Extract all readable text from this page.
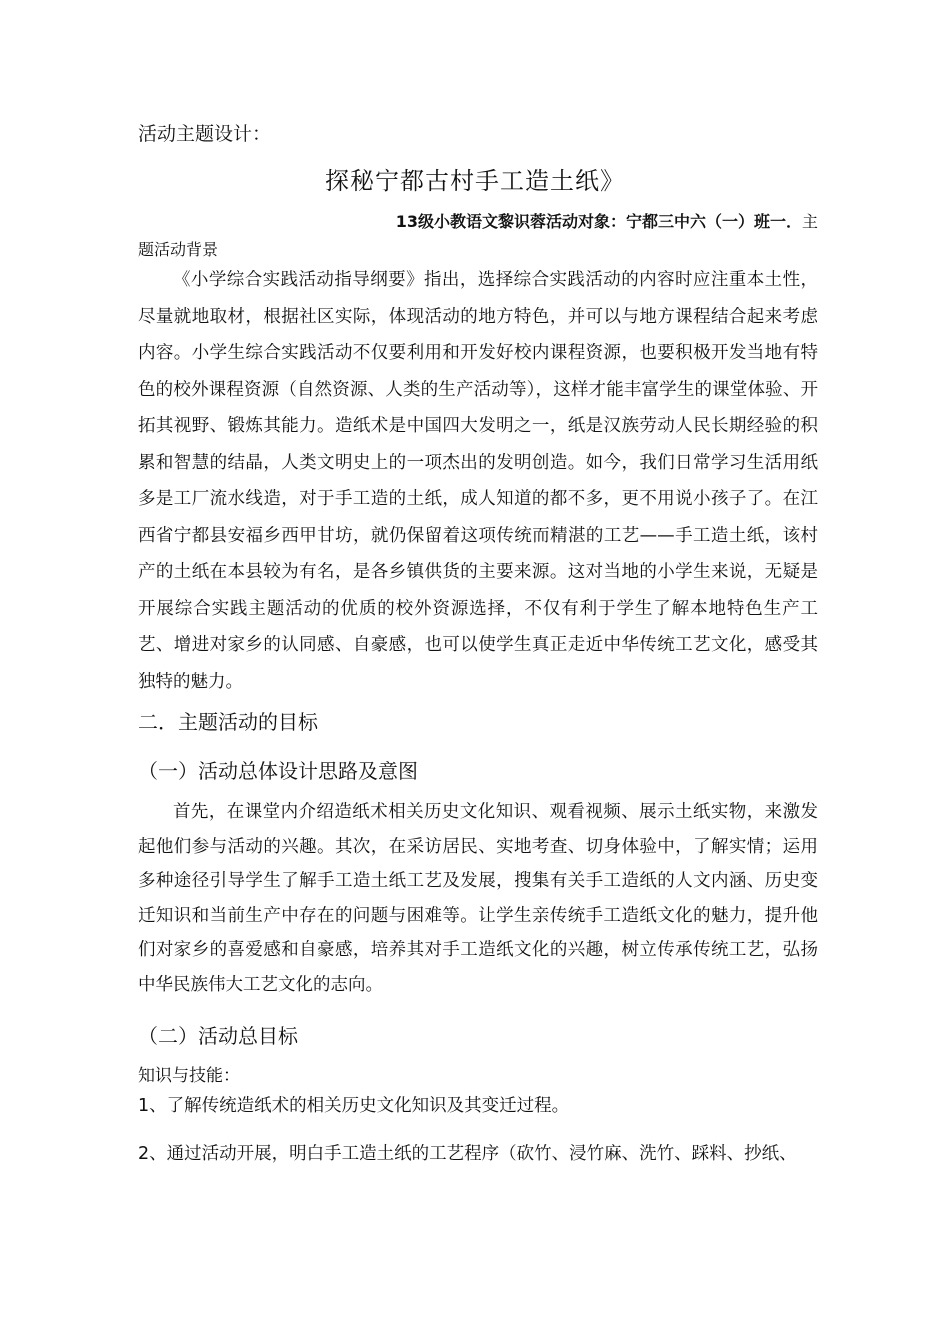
活动主题设计：
探秘宁都古村手工造土纸》
13级小教语文黎识蓉活动对象：宁都三中六（一）班一．主
题活动背景
《小学综合实践活动指导纲要》指出，选择综合实践活动的内容时应注重本土性，尽量就地取材，根据社区实际，体现活动的地方特色，并可以与地方课程结合起来考虑内容。小学生综合实践活动不仅要利用和开发好校内课程资源，也要积极开发当地有特色的校外课程资源（自然资源、人类的生产活动等），这样才能丰富学生的课堂体验、开拓其视野、锻炼其能力。造纸术是中国四大发明之一，纸是汉族劳动人民长期经验的积累和智慧的结晶，人类文明史上的一项杰出的发明创造。如今，我们日常学习生活用纸多是工厂流水线造，对于手工造的土纸，成人知道的都不多，更不用说小孩子了。在江西省宁都县安福乡西甲甘坊，就仍保留着这项传统而精湛的工艺——手工造土纸，该村产的土纸在本县较为有名，是各乡镇供货的主要来源。这对当地的小学生来说，无疑是开展综合实践主题活动的优质的校外资源选择，不仅有利于学生了解本地特色生产工艺、增进对家乡的认同感、自豪感，也可以使学生真正走近中华传统工艺文化，感受其独特的魅力。
二．主题活动的目标
（一）活动总体设计思路及意图
首先，在课堂内介绍造纸术相关历史文化知识、观看视频、展示土纸实物，来激发起他们参与活动的兴趣。其次，在采访居民、实地考查、切身体验中，了解实情；运用多种途径引导学生了解手工造土纸工艺及发展，搜集有关手工造纸的人文内涵、历史变迁知识和当前生产中存在的问题与困难等。让学生亲传统手工造纸文化的魅力，提升他们对家乡的喜爱感和自豪感，培养其对手工造纸文化的兴趣，树立传承传统工艺，弘扬中华民族伟大工艺文化的志向。
（二）活动总目标
知识与技能：
1、了解传统造纸术的相关历史文化知识及其变迁过程。
2、通过活动开展，明白手工造土纸的工艺程序（砍竹、浸竹麻、洗竹、踩料、抄纸、
